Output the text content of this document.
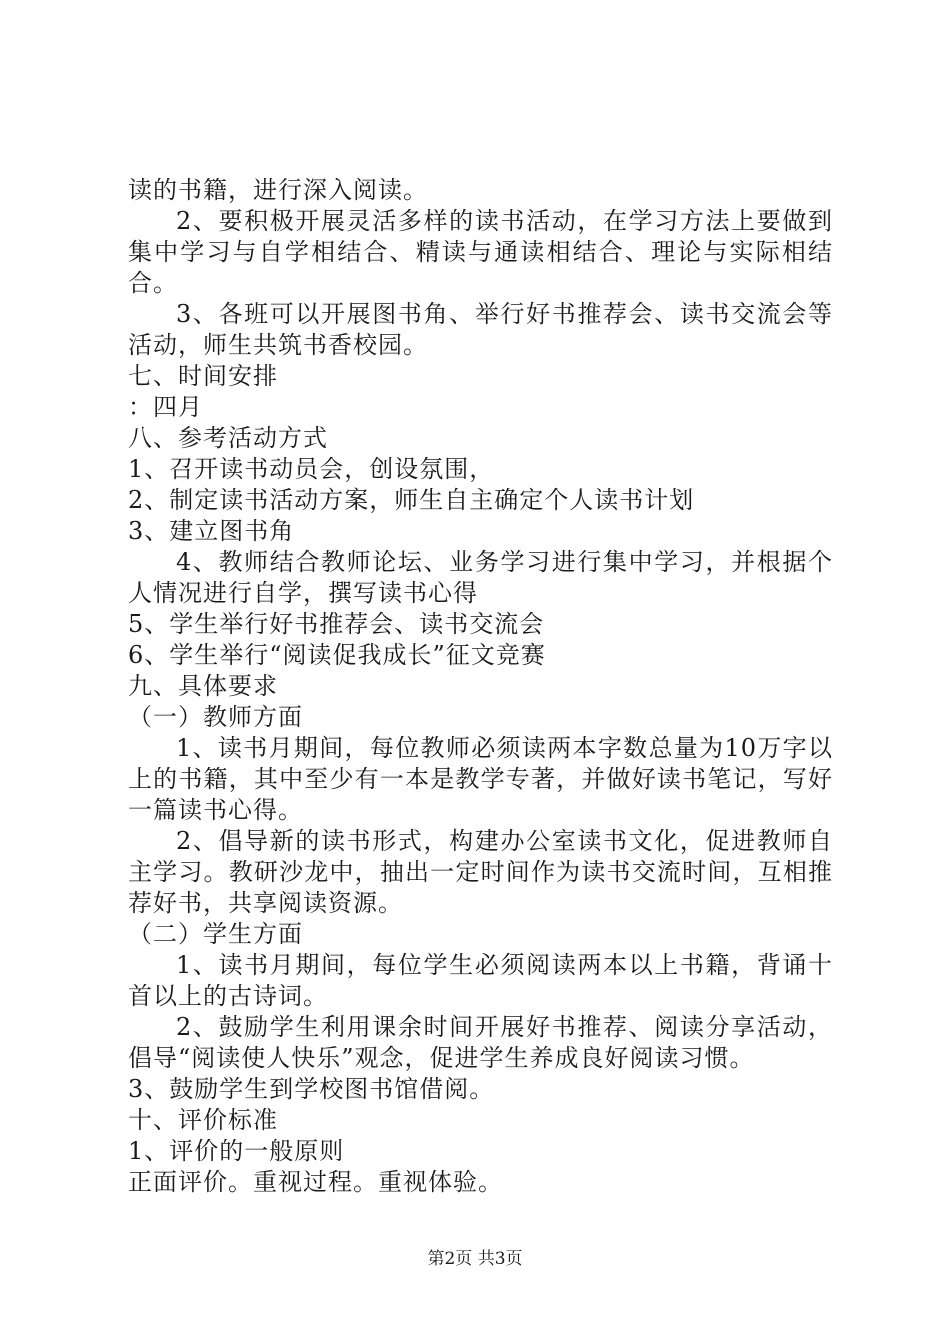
读的书籍，进行深入阅读。

2、要积极开展灵活多样的读书活动，在学习方法上要做到集中学习与自学相结合、精读与通读相结合、理论与实际相结合。

3、各班可以开展图书角、举行好书推荐会、读书交流会等活动，师生共筑书香校园。

七、时间安排

：四月

八、参考活动方式

1、召开读书动员会，创设氛围，

2、制定读书活动方案，师生自主确定个人读书计划

3、建立图书角

4、教师结合教师论坛、业务学习进行集中学习，并根据个人情况进行自学，撰写读书心得

5、学生举行好书推荐会、读书交流会

6、学生举行“阅读促我成长”征文竞赛

九、具体要求

（一）教师方面

1、读书月期间，每位教师必须读两本字数总量为10万字以上的书籍，其中至少有一本是教学专著，并做好读书笔记，写好一篇读书心得。

2、倡导新的读书形式，构建办公室读书文化，促进教师自主学习。教研沙龙中，抽出一定时间作为读书交流时间，互相推荐好书，共享阅读资源。

（二）学生方面

1、读书月期间，每位学生必须阅读两本以上书籍，背诵十首以上的古诗词。

2、鼓励学生利用课余时间开展好书推荐、阅读分享活动，倡导“阅读使人快乐”观念，促进学生养成良好阅读习惯。

3、鼓励学生到学校图书馆借阅。

十、评价标准

1、评价的一般原则

正面评价。重视过程。重视体验。

第2页 共3页
